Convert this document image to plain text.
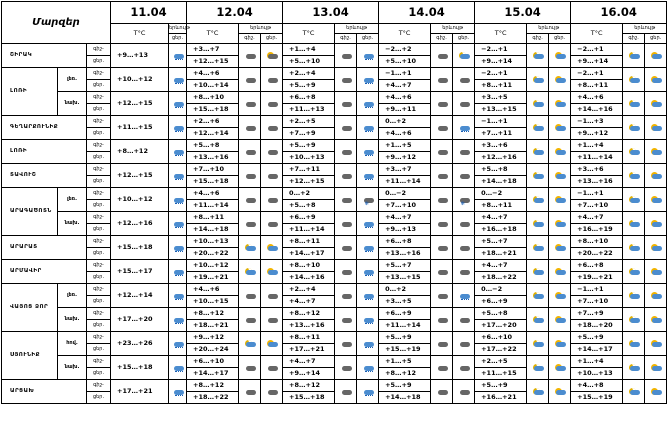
Մարզեր			11.04		12.04			13.04			14.04			15.04			16.04		
			T°C	երևույթ	T°C	երևույթ		T°C	երևույթ		T°C	երևույթ		T°C	երևույթ		T°C	երևույթ	
				ցեր.		գիշ.	ցեր.		գիշ.	ցեր.		գիշ.	ցեր.		գիշ.	ցեր.		գիշ.	ցեր.
ՇԻՐԱԿ		գիշ-	+9…+13		+3…+7			+1…+4			−2…+2			−2…+1			−2…+1	

		ցեր.			+12…+15			+5…+10			+5…+10			+9…+14			+9…+14		
ԼՈՌԻ	լեռ.	գիշ-	+10…+12		+4…+6			+2…+4			−1…+1			−2…+1			−2…+1	

		ցեր.			+10…+14			+5…+9			+4…+7			+8…+11			+8…+11		
	նախ.	գիշ-	+12…+15		+8…+10			+6…+8			+4…+6			+3…+5			+4…+6	

		ցեր.			+15…+18			+11…+13			+9…+11			+13…+15			+14…+16		
ԳԵՂԱՐՔՈՒՆԻՔ		գիշ-	+11…+15		+2…+6			+2…+5			0…+2			−1…+1			−1…+3	

		ցեր.			+12…+14			+7…+9			+4…+6			+7…+11			+9…+12		
ԼՈՌԻ		գիշ-	+8…+12		+5…+8			+5…+9			+1…+5			+3…+6			+1…+4	

		ցեր.			+13…+16			+10…+13			+9…+12			+12…+16			+11…+14		
ՏԱՎՈՒՇ		գիշ-	+12…+15		+7…+10			+7…+11			+3…+7			+5…+8			+3…+6	

		ցեր.			+15…+18			+12…+15			+11…+14			+14…+18			+13…+16		
ԱՐԱԳԱԾՈՏՆ	լեռ.	գիշ-	+10…+12		+4…+6			0…+2		✻	0…−2		✻	0…−2			−1…+1	

		ցեր.			+11…+14			+5…+8			+7…+10			+8…+11			+7…+10		
	նախ.	գիշ-	+12…+16		+8…+11			+6…+9			+4…+7			+4…+7			+4…+7	

		ցեր.			+14…+18			+11…+14			+9…+13			+16…+18			+16…+19		
ԱՐԱՐԱՏ		գիշ-	+15…+18		+10…+13			+8…+11			+6…+8			+5…+7			+8…+10	

		ցեր.			+20…+22			+14…+17			+13…+16			+18…+21			+20…+22		
ԱՐՄԱՎԻՐ		գիշ-	+15…+17		+10…+12			+8…+10			+5…+7			+4…+7			+6…+8	

		ցեր.			+19…+21			+14…+16			+13…+15			+18…+22			+19…+21		
ՎԱՅՈՑ ՁՈՐ	լեռ.	գիշ-	+12…+14		+4…+6			+2…+4			0…+2			0…−2			−1…+1	

		ցեր.			+10…+15			+4…+7			+3…+5			+6…+9			+7…+10		
	նախ.	գիշ-	+17…+20		+8…+12			+8…+12			+6…+9			+5…+8			+7…+9	

		ցեր.			+18…+21			+13…+16			+11…+14			+17…+20			+18…+20		
ՍՅՈՒՆԻՔ	հով.	գիշ-	+23…+26		+9…+12			+8…+11			+5…+9			+6…+10			+5…+9	

		ցեր.			+20…+24			+17…+21			+15…+19			+17…+22			+14…+17		
	նախ.	գիշ-	+15…+18		+6…+10			+4…+7			+1…+5			+2…+5			+1…+4	

		ցեր.			+14…+17			+9…+14			+8…+12			+11…+15			+10…+13		
ԱՐՑԱԽ		գիշ-	+17…+21		+8…+12			+8…+12			+5…+9			+5…+9			+4…+8	

		ցեր.			+18…+22			+15…+18			+14…+18			+16…+21			+15…+19		
